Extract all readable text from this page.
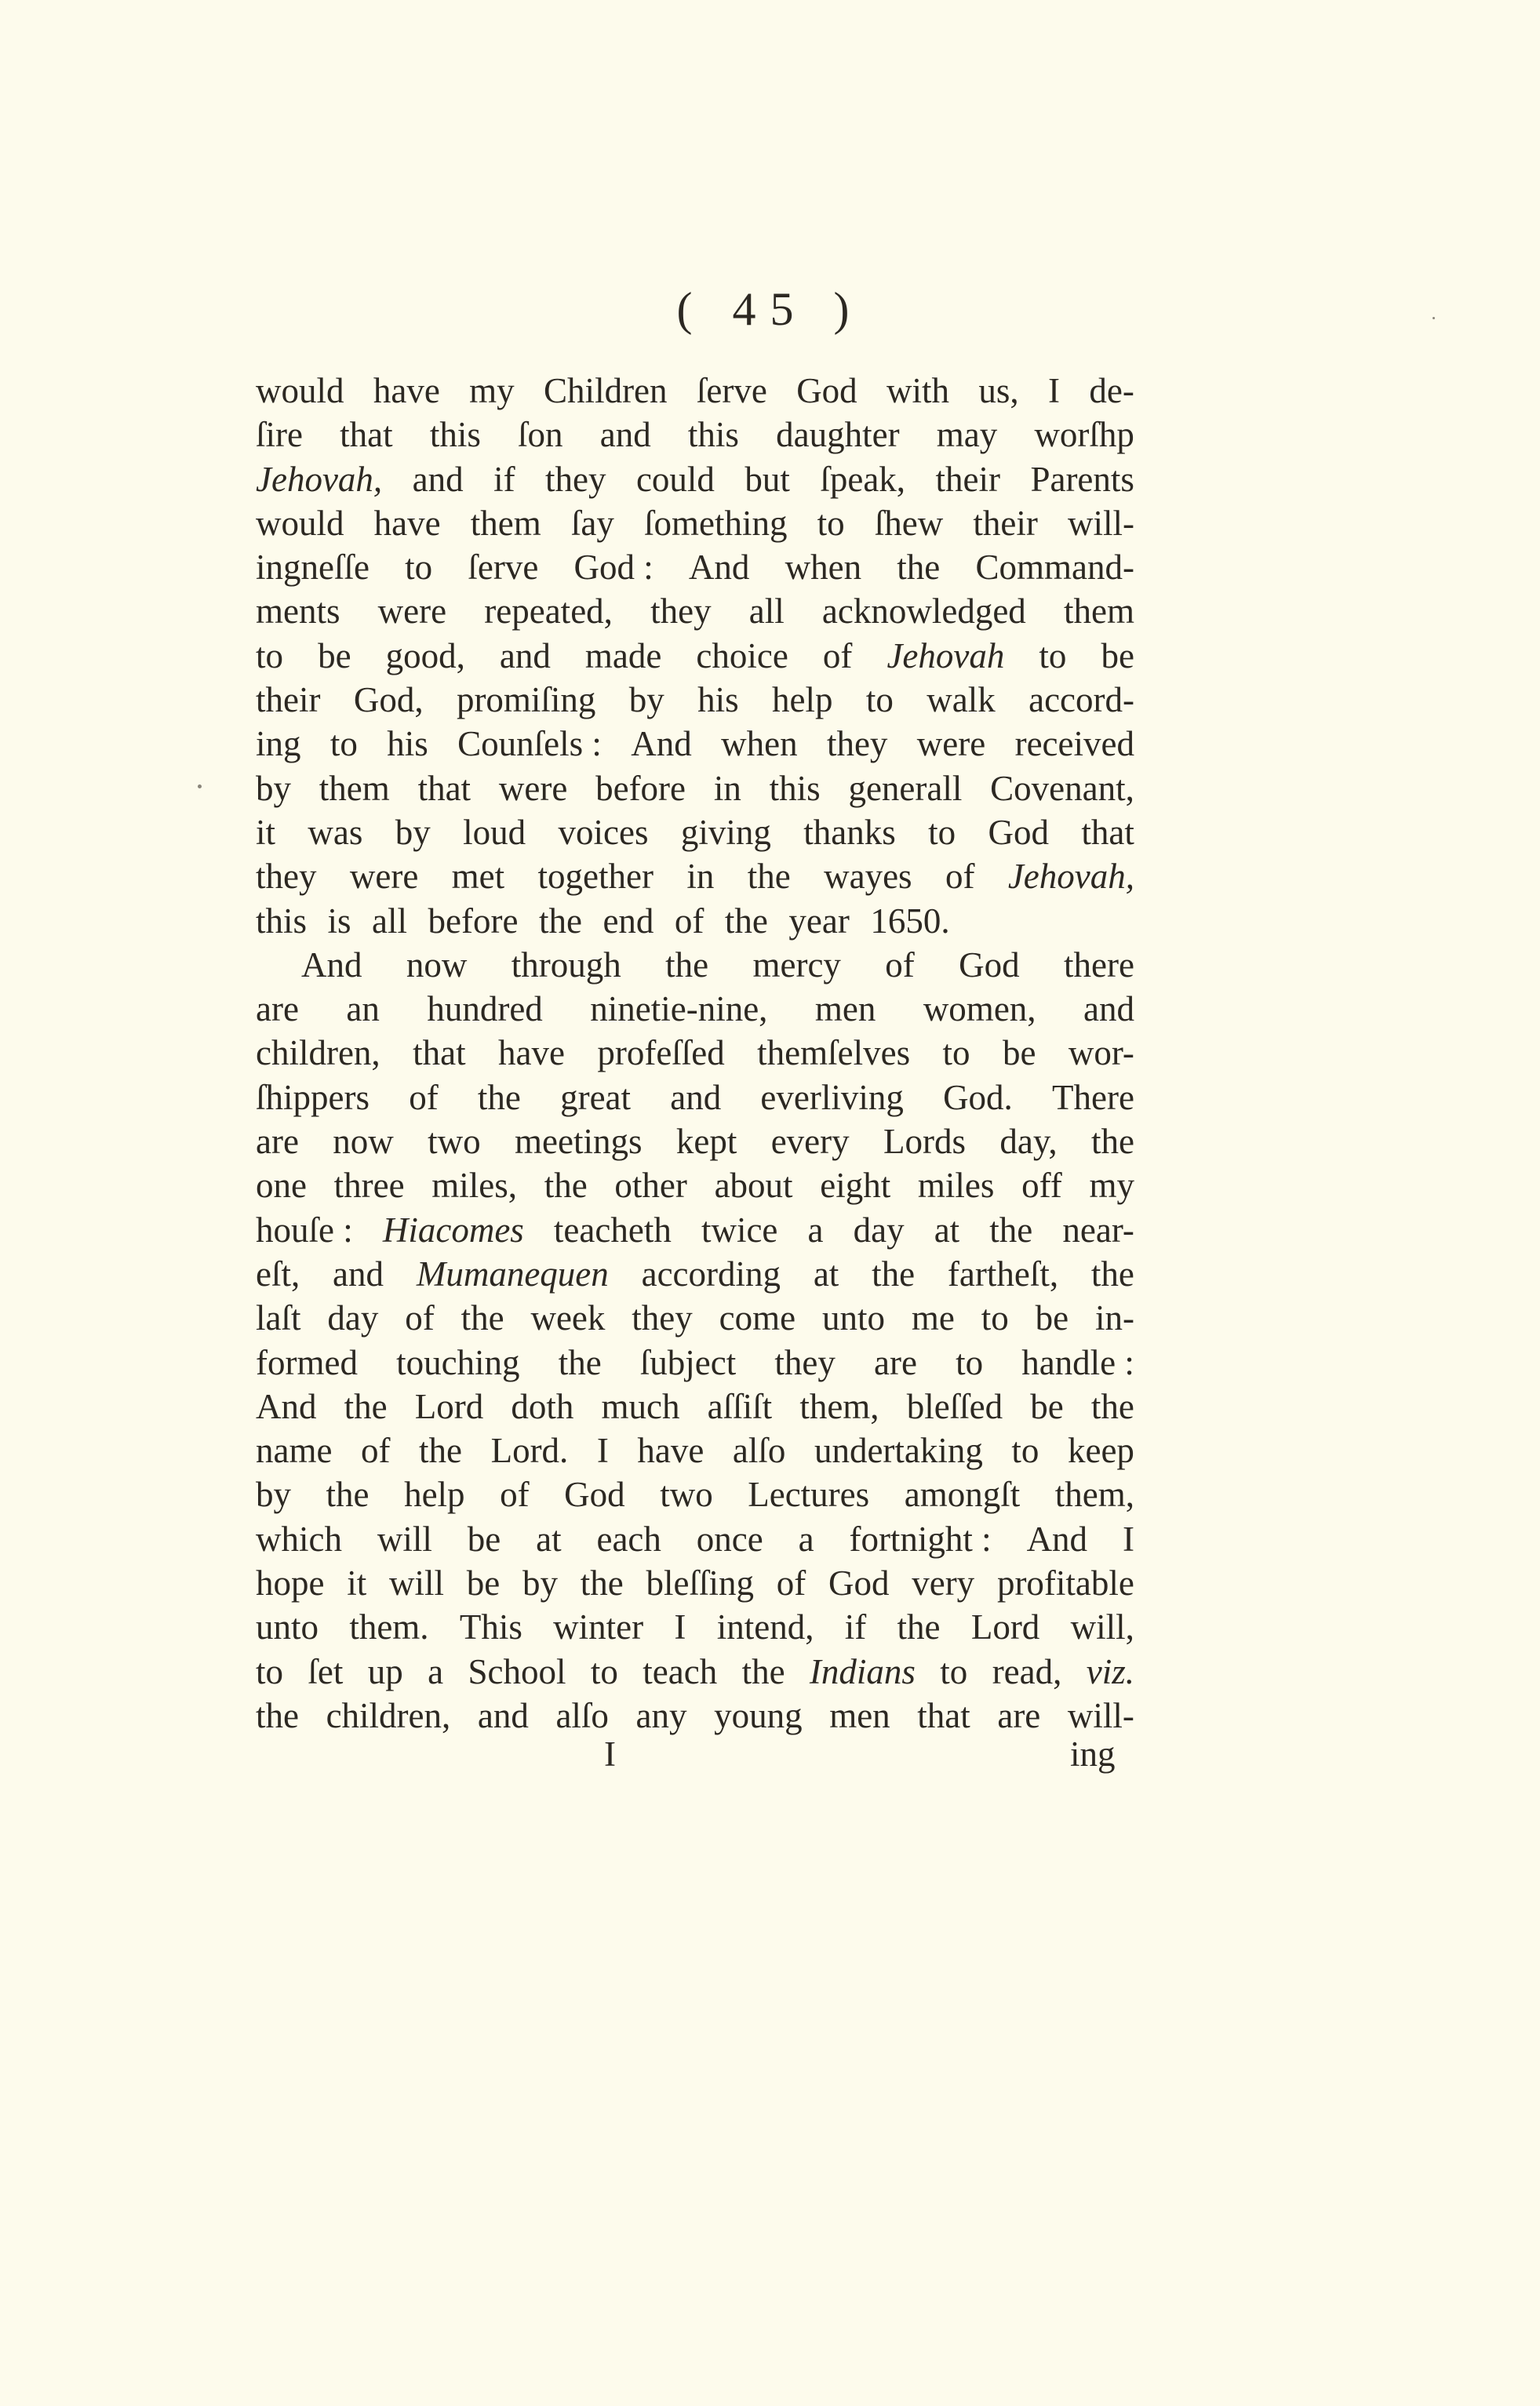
( 45 )
would have my Children ſerve God with us, I de-
ſire that this ſon and this daughter may worſhp
Jehovah, and if they could but ſpeak, their Parents
would have them ſay ſomething to ſhew their will-
ingneſſe to ſerve God : And when the Command-
ments were repeated, they all acknowledged them
to be good, and made choice of Jehovah to be
their God, promiſing by his help to walk accord-
ing to his Counſels : And when they were received
by them that were before in this generall Covenant,
it was by loud voices giving thanks to God that
they were met together in the wayes of Jehovah,
this
is
all
before
the
end
of
the
year
1650.
And now through the mercy of God there
are an hundred ninetie-nine, men women, and
children, that have profeſſed themſelves to be wor-
ſhippers of the great and everliving God. There
are now two meetings kept every Lords day, the
one three miles, the other about eight miles off my
houſe : Hiacomes teacheth twice a day at the near-
eſt, and Mumanequen according at the fartheſt, the
laſt day of the week they come unto me to be in-
formed touching the ſubject they are to handle :
And the Lord doth much aſſiſt them, bleſſed be the
name of the Lord. I have alſo undertaking to keep
by the help of God two Lectures amongſt them,
which will be at each once a fortnight : And I
hope it will be by the bleſſing of God very profitable
unto them. This winter I intend, if the Lord will,
to ſet up a School to teach the Indians to read, viz.
the children, and alſo any young men that are will-
I	ing
